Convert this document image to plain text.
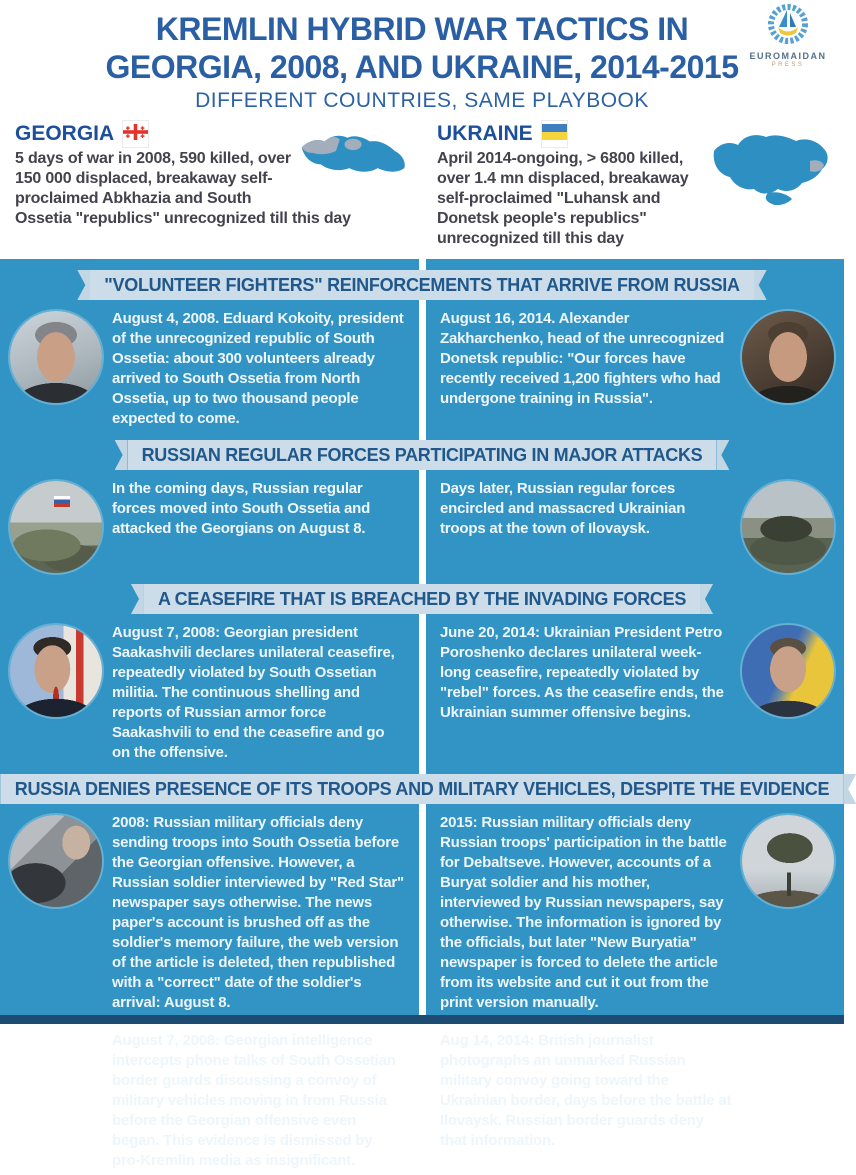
EUROMAIDAN
PRESS
KREMLIN HYBRID WAR TACTICS IN
GEORGIA, 2008, AND UKRAINE, 2014-2015
DIFFERENT COUNTRIES, SAME PLAYBOOK
GEORGIA

5 days of war in 2008, 590 killed, over 150 000 displaced, breakaway self-proclaimed Abkhazia and South Ossetia "republics" unrecognized till this day

UKRAINE

April 2014-ongoing, > 6800 killed, over 1.4 mn displaced, breakaway self-proclaimed "Luhansk and Donetsk people's republics" unrecognized till this day

"VOLUNTEER FIGHTERS" REINFORCEMENTS THAT ARRIVE FROM RUSSIA

August 4, 2008. Eduard Kokoity, president of the unrecognized republic of South Ossetia: about 300 volunteers already arrived to South Ossetia from North Ossetia, up to two thousand people expected to come.

August 16, 2014. Alexander Zakharchenko, head of the unrecognized Donetsk republic: "Our forces have recently received 1,200 fighters who had undergone training in Russia".

RUSSIAN REGULAR FORCES PARTICIPATING IN MAJOR ATTACKS

In the coming days, Russian regular forces moved into South Ossetia and attacked the Georgians on August 8.

Days later, Russian regular forces encircled and massacred Ukrainian troops at the town of Ilovaysk.

A CEASEFIRE THAT IS BREACHED BY THE INVADING FORCES

August 7, 2008: Georgian president Saakashvili declares unilateral ceasefire, repeatedly violated by South Ossetian militia. The continuous shelling and reports of Russian armor force Saakashvili to end the ceasefire and go on the offensive.

June 20, 2014: Ukrainian President Petro Poroshenko declares unilateral week-long ceasefire, repeatedly violated by "rebel" forces. As the ceasefire ends, the Ukrainian summer offensive begins.

RUSSIA DENIES PRESENCE OF ITS TROOPS AND MILITARY VEHICLES, DESPITE THE EVIDENCE

2008: Russian military officials deny sending troops into South Ossetia before the Georgian offensive. However, a Russian soldier interviewed by "Red Star" newspaper says otherwise. The news paper's account is brushed off as the soldier's memory failure, the web version of the article is deleted, then republished with a "correct" date of the soldier's arrival: August 8.

August 7, 2008: Georgian intelligence intercepts phone talks of South Ossetian border guards discussing a convoy of military vehicles moving in from Russia before the Georgian offensive even began. This evidence is dismissed by pro-Kremlin media as insignificant.

2015: Russian military officials deny Russian troops' participation in the battle for Debaltseve. However, accounts of a Buryat soldier and his mother, interviewed by Russian newspapers, say otherwise. The information is ignored by the officials, but later "New Buryatia" newspaper is forced to delete the article from its website and cut it out from the print version manually.

Aug 14, 2014: British journalist photographs an unmarked Russian military convoy going toward the Ukrainian border, days before the battle at Ilovaysk. Russian border guards deny that information.
